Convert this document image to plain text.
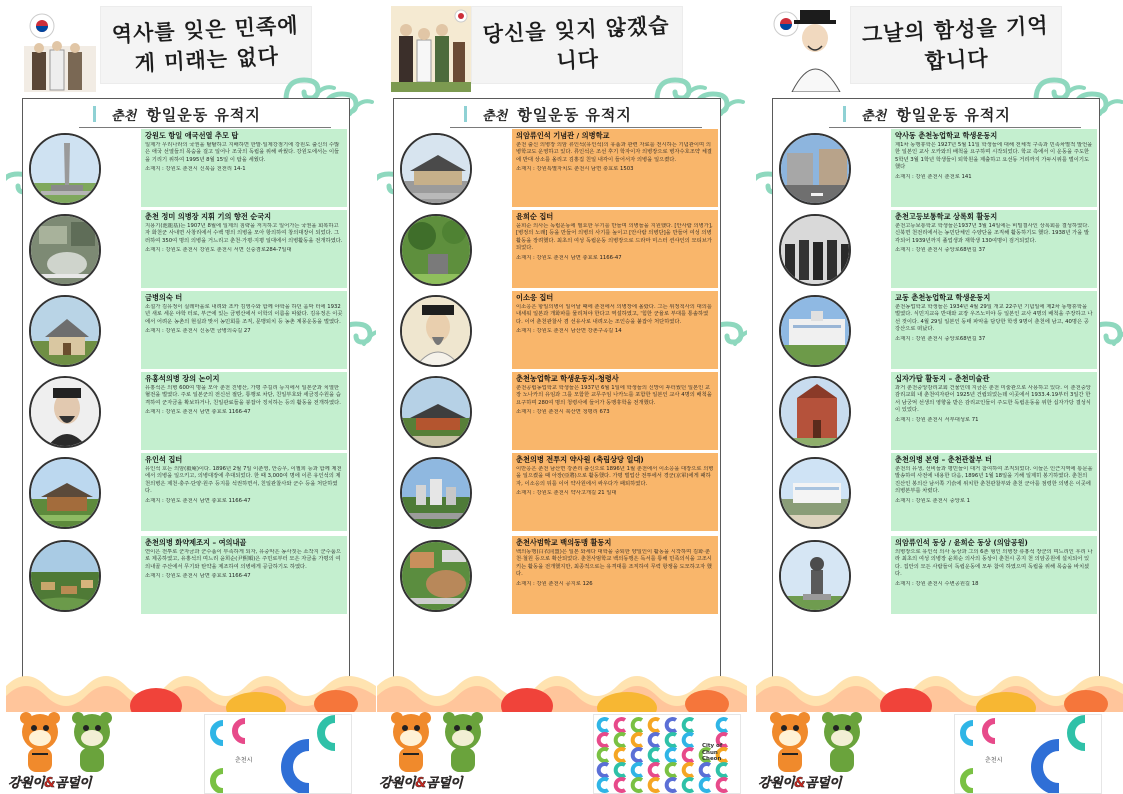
역사를 잊은 민족에게 미래는 없다
춘천 항일운동 유적지
강원도 항일 애국선열 추모 탑
일제가 우리나라의 국권을 탈탈하고 지배하면 한말·일제강점기에 강원도 출신의 수많은 애국 선열들의 목숨을 걸고 일어나 조국의 독립을 위해 싸웠다. 강원도에서는 이들을 기리기 위하여 1995년 8월 15일 이 탑을 세웠다.
소재지 : 강원도 춘천시 신북읍 천전리 14-1
춘천 정미 의병장 지휘 기의 향전 순국지
지용기(池龍基)는 1907년 8월에 일제의 침략을 저지하고 일어가는 국권을 회복하고자 화천군 사내면 사창리에서 수백 명의 의병을 모아 항의하여 창의대장이 되었다. 그러하여 350여 명의 의병을 거느리고 춘천·가평·지평 일대에서 의병활동을 전개하였다.
소재지 : 강원도 춘천시 강원도 춘천시 서면 신숭겸로284-7일대
금병의숙 터
소설가 김유정이 실레마을로 내려와 조카 김영수와 함께 야학을 하던 움막 터에 1932년 새로 세운 야학 터로, 부근에 있는 금병산에서 이학의 이름을 따왔다. 김유정은 이곳에서 어려운 농촌의 현실과 맞서 농민회를 조직, 문맹퇴치 등 농촌 계몽운동을 벌였다.
소재지 : 강원도 춘천시 신동면 금병의숙길 27
유홍석의병 장의 논이지
유홍석은 의병 600여 명을 모아 춘천 진병산, 가평 주길리 등지에서 일본군과 치열한 혈전을 벌였다. 주로 일본군의 전신선 절단, 통행로 차단, 친일부호와 세금징수원을 습격하여 군자금을 확보하거나, 친일관료들을 붕잡아 징치하는 등의 활동을 전개하였다.
소재지 : 강원도 춘천시 남면 충효로 1166-47
유인석 집터
유인석 호는 의암(毅庵)이다. 1896년 2월 7일 이춘영, 안승우, 이필희 등과 함께 제천에서 의병을 일으키고, 의병대장에 추대되었다. 한 때 3,000여 명에 이른 유인석의 제천의병은 제천·충주·단양·원주 등지를 석권하면서, 친일관찰사와 군수 등을 처단하였다.
소재지 : 강원도 춘천시 남면 충효로 1166-47
춘천의병 화약제조지 – 여의내골
연이은 전투로 군자금과 군수품이 부족하게 되자, 유중악은 농사짓는 소작지 군수품으로 제공하였고, 유홍석의 며느리 윤희순(尹熙順)은 주민로부터 모은 자금을 가평의 여의내골 주산에서 무기와 탄약을 제조하여 의병에게 공급하기도 하였다.
소재지 : 강원도 춘천시 남면 충효로 1166-47
강원이&곰덜이
춘천시
당신을 잊지 않겠습니다
춘천 항일운동 유적지
의암류인석 기념관 / 의병학교
춘천 출신 의병장 의암 류인석(유인석)의 유품과 관련 자료를 전시하는 기념관이며 의병학교도 운영하고 있다. 류인석은 조선 후기 학자이자 의병장으로 병자수호조약 체결에 반대 상소를 올리고 김홍집 친일 내각이 들어서자 의병을 일으켰다.
소재지 : 강원특별자치도 춘천시 남면 충효로 1503
윤희순 집터
윤희순 의사는 독립운동에 필요한 무기를 만들며 의병들을 지원했다. [안사람 의병가], [병정의 노래] 등을 만들어 의병의 사기를 높이고 [안사람 의병단]을 만들어 여성 의병 활동을 장려했다. 최초의 여성 독립운동 의병장으로 드라마 미스터 션샤인의 모티브가 되었다.
소재지 : 강원도 춘천시 남면 충효로 1166-47
이소응 집터
이소응은 항일의병이 일어날 때에 춘천에서 의병장에 올랐다. 그는 위정척사의 대의를 내세워 일본과 개화파를 물리쳐야 한다고 역설하였고, '힘한 군율로 부대를 통솔하였다. 이어 춘천관찰사 겸 선유사로 내려오는 조인승을 붙잡아 처단하였다.
소재지 : 강원도 춘천시 남산면 강촌구곡길 14
춘천농업학교 학생운동지-청령사
춘천공립농업학교 학생들은 1937년 6월 1일에 학생들의 신망이 두터웠던 일본인 교장 노나카의 유임과 그를 모함한 교무주임 나카노를 포함한 일본인 교사 4명의 배척을 요구하며 280여 명의 청령사에 들어가 동맹휴학을 전개했다.
소재지 : 강원 춘천시 북산면 청평리 673
춘천의병 전투지 약사원 (축림상당 일대)
이만응은 춘천 남산면 강촌리 출신으로 1896년 1월 춘천에서 이소응을 대장으로 의병을 일으켰을 때 아장(亞將)으로 활동했다. 가평 벌업산 전투에서 경군(京軍)에게 패하자, 이소응의 뒤를 이어 약사원에서 싸우다가 패퇴하였다.
소재지 : 강원도 춘천시 약사고개길 21 일대
춘천사범학교 백의동맹 활동지
백의동맹(白衣同盟)은 일본 와세다 대학을 중퇴한 양일인이 활동을 시작하며 김화·춘천·철원 등으로 확산되었다. 춘천사범학교 백의동맹은 독서를 통해 민족의식을 고조시키는 활동을 전개했지만, 최종적으로는 유격대를 조직하여 무력 항쟁을 도모하고자 했다.
소재지 : 강원 춘천시 공지로 126
강원이&곰덜이
City of Chun Cheon
그날의 함성을 기억합니다
춘천 항일운동 유적지
약사동 춘천농업학교 학생운동지
제1차 동맹휴학은 1927년 5월 11일 학생들에 대해 전체적 구속과 민족차별적 발언을 한 일본인 교사 오카와의 배척을 요구하며 시작되었다. 학교 측에서 이 운동을 주도한 5학년 3월 1학년 학생들이 퇴학원을 제출하고 요선동 거리까지 가두시위를 벌이기도 했다
소재지 : 강원 춘천시 춘천로 141
춘천고등보통학교 상록회 활동지
춘천고등보통학교 학생들은1937년 3월 14일에는 비밀결사인 상록회를 결성하였다. 신북면 천전리에서는 농민단체인 수양단을 조직해 활동하기도 했다. 1938년 가을 발각되어 1939년까지 졸업생과 재학생 130여명이 검거되었다.
소재지 : 강원 춘천시 중앙로68번길 37
교동 춘천농업학교 학생운동지
춘천농업학교 학생들은 1934년 4월 29일 개교 22주년 기념일에 제2차 동맹휴학을 벌였다. 식민지교육 반대와 교장 우즈노미야 등 일본인 교사 4명의 배척을 주장하고 나선 것이다. 4월 29일 일본인 동태 파악을 담당한 학생 9명이 춘천에 남고, 40명은 공강산으로 떠났다.
소재지 : 강원 춘천시 중앙로68번길 37
십자가탑 활동지 – 춘천미술관
과거 춘천중앙감리교회 건물인데 지금은 춘천 미술관으로 사용하고 있다. 이 춘천중앙감리교회 내 춘천여자관이 1925년 건립되었는데 이곳에서 1933.4.19부터 3일간 한서 남궁억 선생의 영향을 받은 감리교인들이 주도한 독립운동을 위한 십자가당 결성식이 있었다.
소재지 : 강원 춘천시 서부대성로 71
춘천의병 본영 – 춘천관찰부 터
춘천의 유생, 선비들과 평민들이 대거 참여하여 조직되었다. 이들은 인근지역에 통문을 발송하여 사전에 내용한 다음, 1896년 1월 18일을 기해 일제히 봉기하였다. 춘천의 진산인 봉의산 남서쪽 기슭에 위치한 춘천관찰부와 춘천 군아를 점령한 의병은 이곳에 의병본부를 차렸다.
소재지 : 강원도 춘천시 중앙로 1
의암류인석 동상 / 윤희순 동상 (의암공원)
의병장으로 유인석 의사 동상과 그의 6촌 형인 의병장 류홍석 장군의 며느리인 우리 나라 최초의 여성 의병장 윤희순 의사의 동상이 춘천시 공지 천 의암공원에 설치되어 있다. 집안의 모든 사람들이 독립운동에 모두 참여 하였으며 독립을 위해 목숨을 바치셨다.
소재지 : 강원 춘천시 수변공원길 18
강원이&곰덜이
춘천시
